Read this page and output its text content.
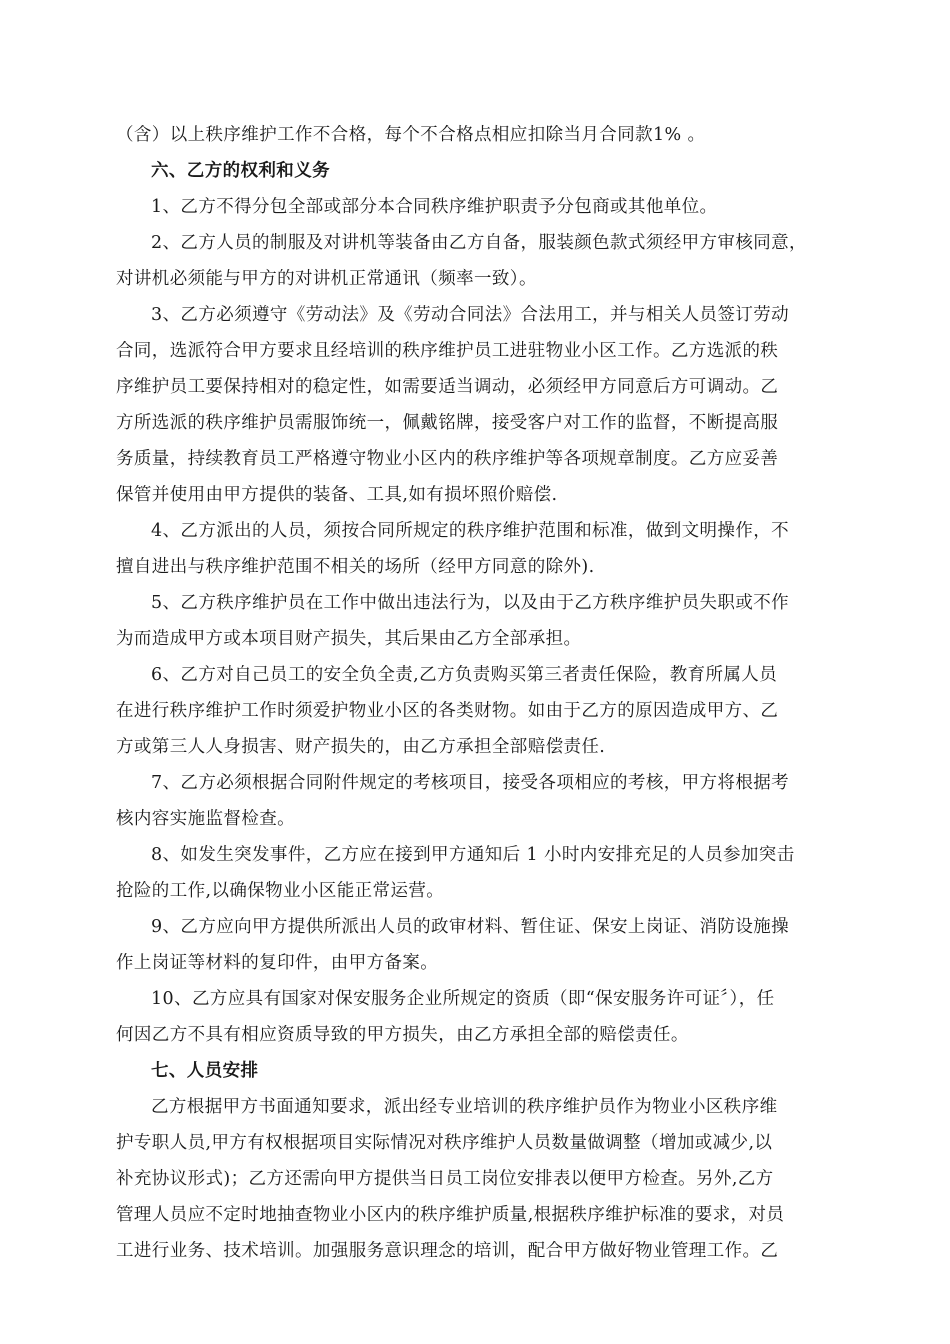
（含）以上秩序维护工作不合格，每个不合格点相应扣除当月合同款1% 。
六、乙方的权利和义务
1、乙方不得分包全部或部分本合同秩序维护职责予分包商或其他单位。
2、乙方人员的制服及对讲机等装备由乙方自备，服装颜色款式须经甲方审核同意，
对讲机必须能与甲方的对讲机正常通讯（频率一致）。
3、乙方必须遵守《劳动法》及《劳动合同法》合法用工，并与相关人员签订劳动
合同，选派符合甲方要求且经培训的秩序维护员工进驻物业小区工作。乙方选派的秩
序维护员工要保持相对的稳定性，如需要适当调动，必须经甲方同意后方可调动。乙
方所选派的秩序维护员需服饰统一，佩戴铭牌，接受客户对工作的监督，不断提高服
务质量，持续教育员工严格遵守物业小区内的秩序维护等各项规章制度。乙方应妥善
保管并使用由甲方提供的装备、工具,如有损坏照价赔偿.
4、乙方派出的人员，须按合同所规定的秩序维护范围和标准，做到文明操作，不
擅自进出与秩序维护范围不相关的场所（经甲方同意的除外).
5、乙方秩序维护员在工作中做出违法行为，以及由于乙方秩序维护员失职或不作
为而造成甲方或本项目财产损失，其后果由乙方全部承担。
6、乙方对自己员工的安全负全责,乙方负责购买第三者责任保险，教育所属人员
在进行秩序维护工作时须爱护物业小区的各类财物。如由于乙方的原因造成甲方、乙
方或第三人人身损害、财产损失的，由乙方承担全部赔偿责任.
7、乙方必须根据合同附件规定的考核项目，接受各项相应的考核，甲方将根据考
核内容实施监督检查。
8、如发生突发事件，乙方应在接到甲方通知后 1 小时内安排充足的人员参加突击
抢险的工作,以确保物业小区能正常运营。
9、乙方应向甲方提供所派出人员的政审材料、暂住证、保安上岗证、消防设施操
作上岗证等材料的复印件，由甲方备案。
10、乙方应具有国家对保安服务企业所规定的资质（即“保安服务许可证〞），任
何因乙方不具有相应资质导致的甲方损失，由乙方承担全部的赔偿责任。
七、人员安排
乙方根据甲方书面通知要求，派出经专业培训的秩序维护员作为物业小区秩序维
护专职人员,甲方有权根据项目实际情况对秩序维护人员数量做调整（增加或减少,以
补充协议形式)；乙方还需向甲方提供当日员工岗位安排表以便甲方检查。另外,乙方
管理人员应不定时地抽查物业小区内的秩序维护质量,根据秩序维护标准的要求，对员
工进行业务、技术培训。加强服务意识理念的培训，配合甲方做好物业管理工作。乙
